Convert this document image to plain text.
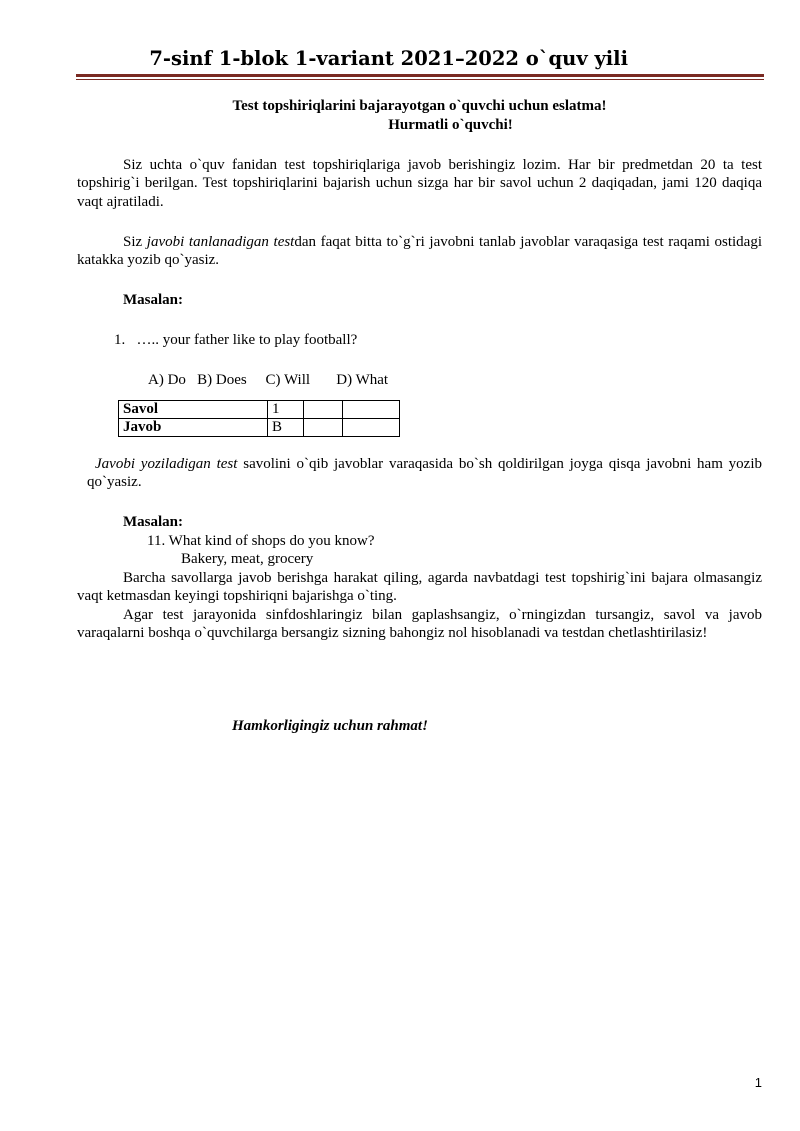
7-sinf 1-blok 1-variant 2021–2022 o`quv yili
Test topshiriqlarini bajarayotgan o`quvchi uchun eslatma!
Hurmatli o`quvchi!

Siz uchta o`quv fanidan test topshiriqlariga javob berishingiz lozim. Har bir predmetdan 20 ta test topshirig`i berilgan. Test topshiriqlarini bajarish uchun sizga har bir savol uchun 2 daqiqadan, jami 120 daqiqa vaqt ajratiladi.

Siz javobi tanlanadigan testdan faqat bitta to`g`ri javobni tanlab javoblar varaqasiga test raqami ostidagi katakka yozib qo`yasiz.

Masalan:
1. ….. your father like to play football?
A) Do   B) Does     C) Will       D) What
Savol	1		
Javob	B		

Javobi yoziladigan test savolini o`qib javoblar varaqasida bo`sh qoldirilgan joyga qisqa javobni ham yozib qo`yasiz.

Masalan:
11. What kind of shops do you know?
Bakery, meat, grocery

Barcha savollarga javob berishga harakat qiling, agarda navbatdagi test topshirig`ini bajara olmasangiz vaqt ketmasdan keyingi topshiriqni bajarishga o`ting.

Agar test jarayonida sinfdoshlaringiz bilan gaplashsangiz, o`rningizdan tursangiz, savol va javob varaqalarni boshqa o`quvchilarga bersangiz sizning bahongiz nol hisoblanadi va testdan chetlashtirilasiz!

Hamkorligingiz uchun rahmat!
1
